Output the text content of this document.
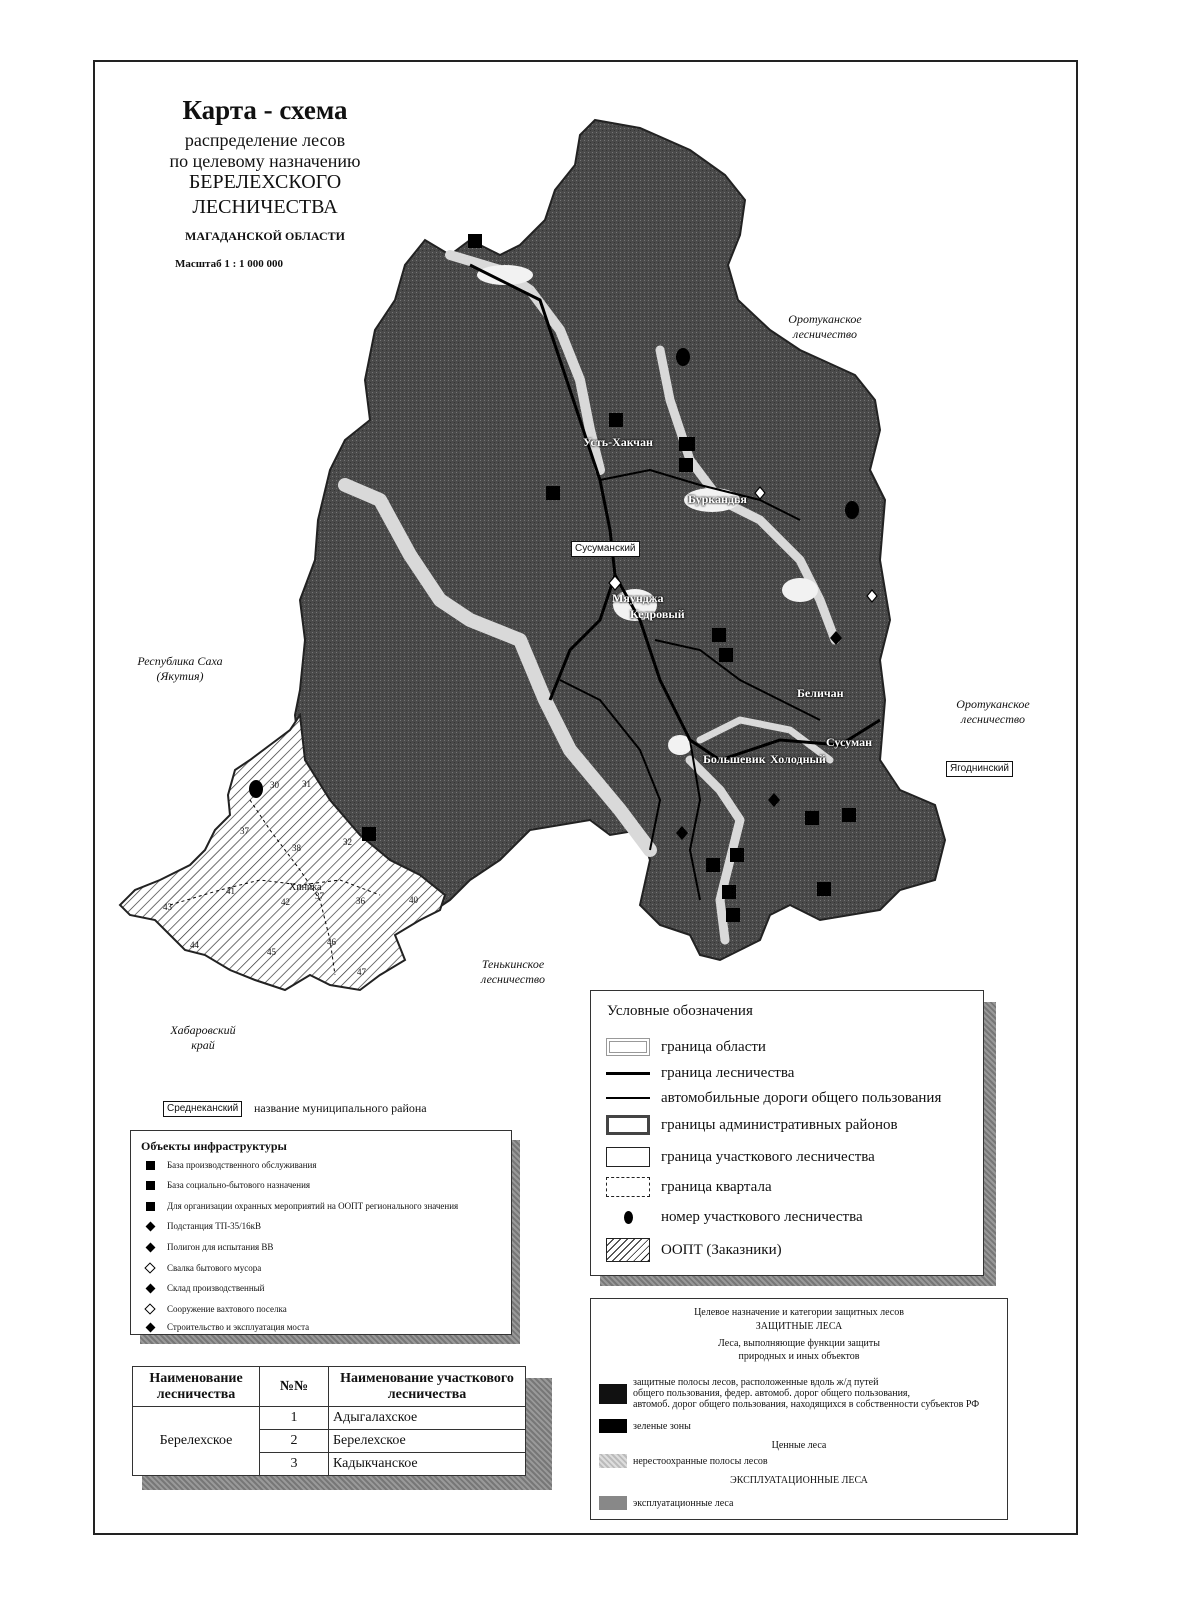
Карта - схема
распределение лесов
по целевому назначению
БЕРЕЛЕХСКОГО
ЛЕСНИЧЕСТВА
МАГАДАНСКОЙ ОБЛАСТИ
Масштаб 1 : 1 000 000
Оротуканское
лесничество
Оротуканское
лесничество
Республика Саха
(Якутия)
Тенькинское
лесничество
Хабаровский
край
Усть-Хакчан
Буркандья
Мяунджа
Кедровый
Беличан
Сусуман
Большевик Холодный
Хиника
Сусуманский
Ягоднинский
30	31
32
37
38
40
41
42
43
44
45
46
47
36
37
Условные обозначения
граница области
граница лесничества
автомобильные дороги общего пользования
границы административных районов
граница участкового лесничества
граница квартала
номер участкового лесничества
ООПТ (Заказники)
Среднеканский	название муниципального района
Объекты инфраструктуры
База производственного обслуживания
База социально-бытового назначения
Для организации охранных мероприятий на ООПТ регионального значения
Подстанция ТП-35/16кВ
Полигон для испытания ВВ
Свалка бытового мусора
Склад производственный
Сооружение вахтового поселка
Строительство и эксплуатация моста
Наименование лесничества	№№	Наименование участкового лесничества
Берелехское	1	Адыгалахское
	2	Берелехское
	3	Кадыкчанское
Целевое назначение и категории защитных лесов
ЗАЩИТНЫЕ ЛЕСА
Леса, выполняющие функции защиты
природных и иных объектов
защитные полосы лесов, расположенные вдоль ж/д путей
общего пользования, федер. автомоб. дорог общего пользования,
автомоб. дорог общего пользования, находящихся в собственности субъектов РФ
зеленые зоны
Ценные леса
нерестоохранные полосы лесов
ЭКСПЛУАТАЦИОННЫЕ ЛЕСА
эксплуатационные леса
